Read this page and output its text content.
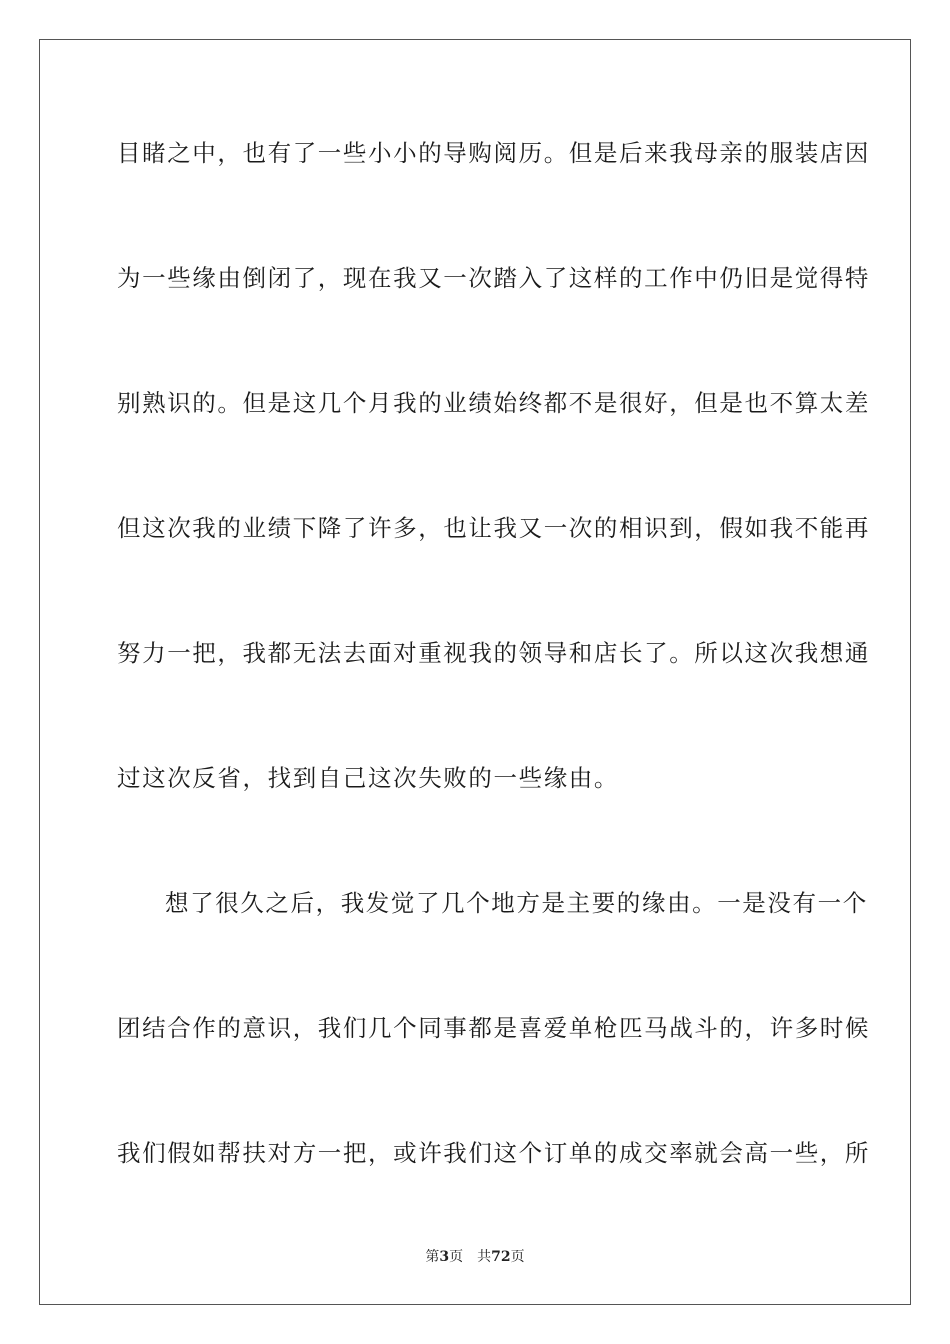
目睹之中，也有了一些小小的导购阅历。但是后来我母亲的服装店因
为一些缘由倒闭了，现在我又一次踏入了这样的工作中仍旧是觉得特
别熟识的。但是这几个月我的业绩始终都不是很好，但是也不算太差
但这次我的业绩下降了许多，也让我又一次的相识到，假如我不能再
努力一把，我都无法去面对重视我的领导和店长了。所以这次我想通
过这次反省，找到自己这次失败的一些缘由。
想了很久之后，我发觉了几个地方是主要的缘由。一是没有一个
团结合作的意识，我们几个同事都是喜爱单枪匹马战斗的，许多时候
我们假如帮扶对方一把，或许我们这个订单的成交率就会高一些，所
第3页 共72页
